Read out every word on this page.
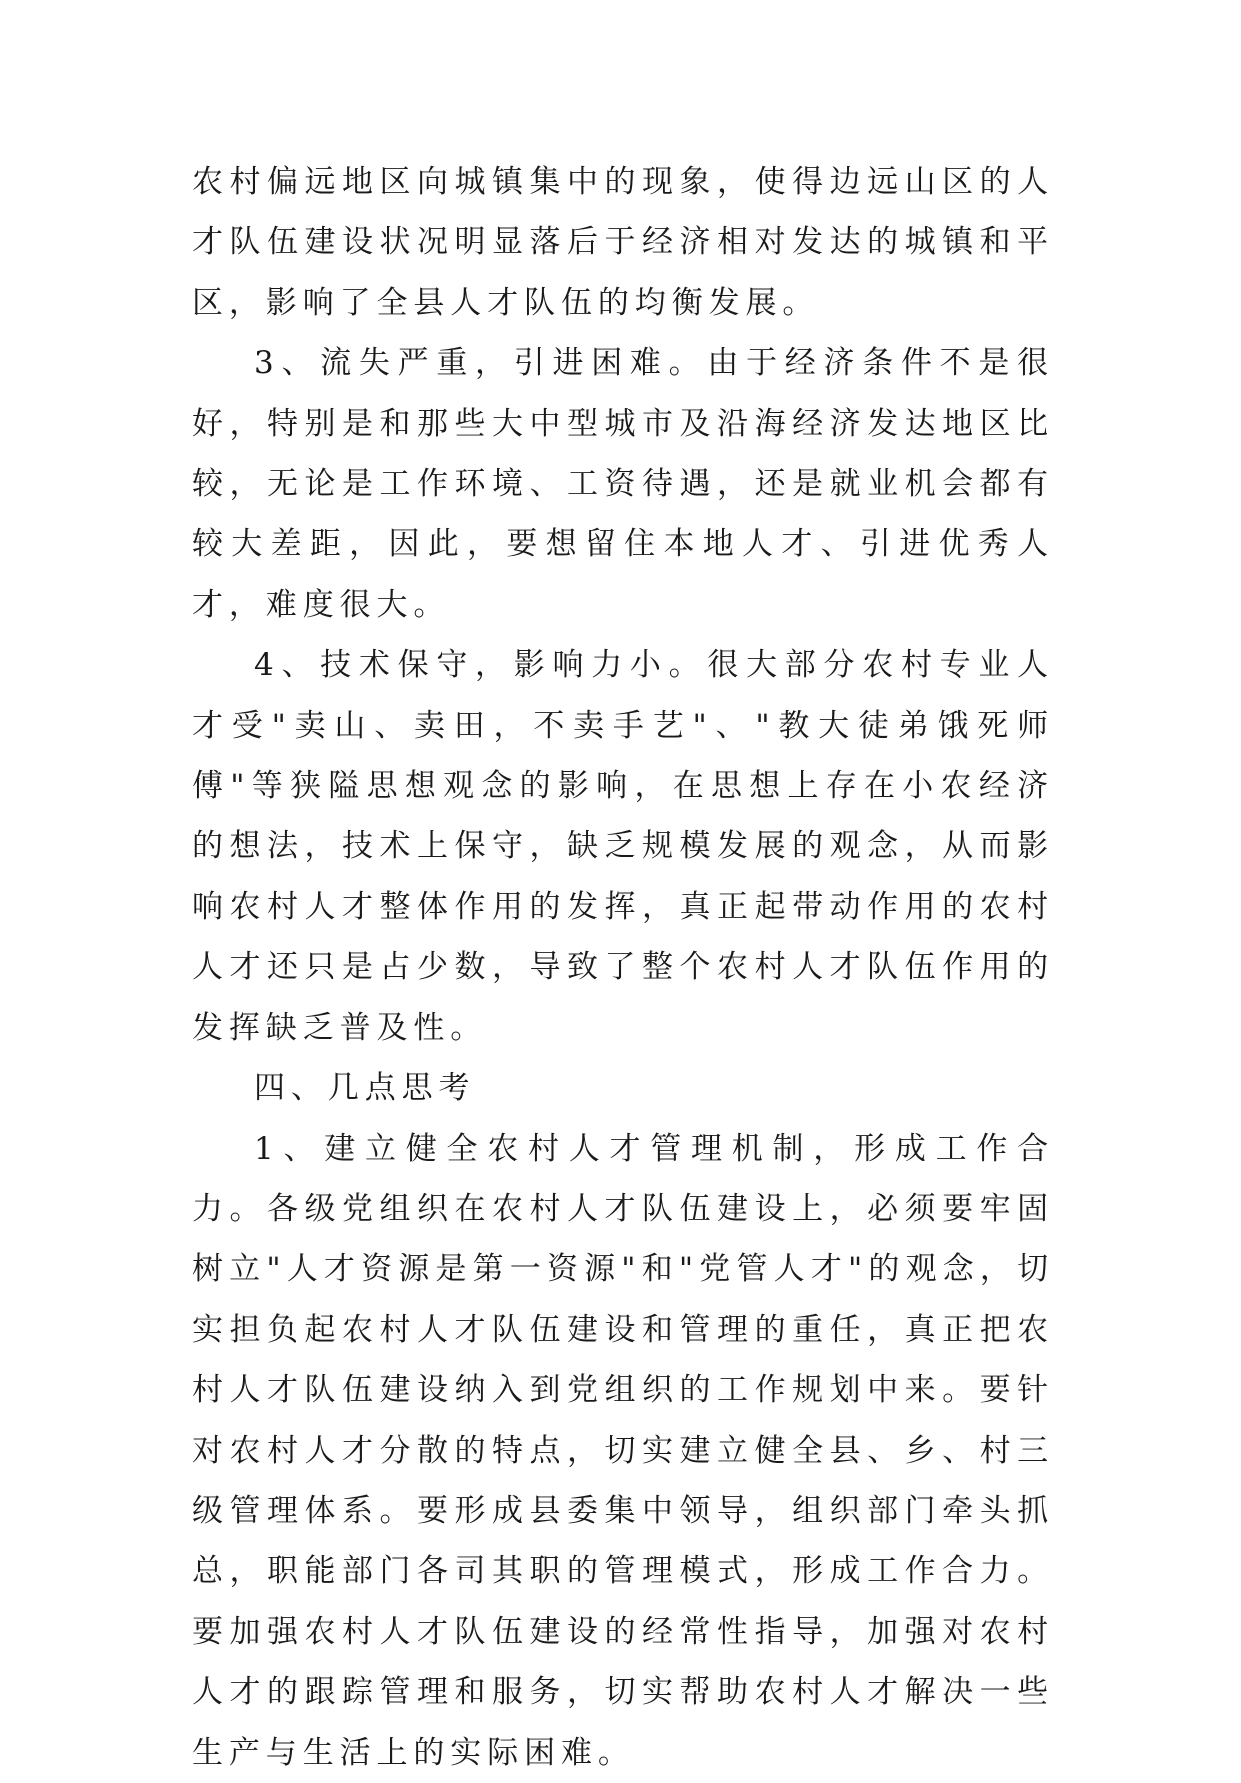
农村偏远地区向城镇集中的现象，使得边远山区的人才队伍建设状况明显落后于经济相对发达的城镇和平区，影响了全县人才队伍的均衡发展。

3、流失严重，引进困难。由于经济条件不是很好，特别是和那些大中型城市及沿海经济发达地区比较，无论是工作环境、工资待遇，还是就业机会都有较大差距，因此，要想留住本地人才、引进优秀人才，难度很大。

4、技术保守，影响力小。很大部分农村专业人才受"卖山、卖田，不卖手艺"、"教大徒弟饿死师傅"等狭隘思想观念的影响，在思想上存在小农经济的想法，技术上保守，缺乏规模发展的观念，从而影响农村人才整体作用的发挥，真正起带动作用的农村人才还只是占少数，导致了整个农村人才队伍作用的发挥缺乏普及性。

四、几点思考

1、建立健全农村人才管理机制，形成工作合力。各级党组织在农村人才队伍建设上，必须要牢固树立"人才资源是第一资源"和"党管人才"的观念，切实担负起农村人才队伍建设和管理的重任，真正把农村人才队伍建设纳入到党组织的工作规划中来。要针对农村人才分散的特点，切实建立健全县、乡、村三级管理体系。要形成县委集中领导，组织部门牵头抓总，职能部门各司其职的管理模式，形成工作合力。要加强农村人才队伍建设的经常性指导，加强对农村人才的跟踪管理和服务，切实帮助农村人才解决一些生产与生活上的实际困难。
